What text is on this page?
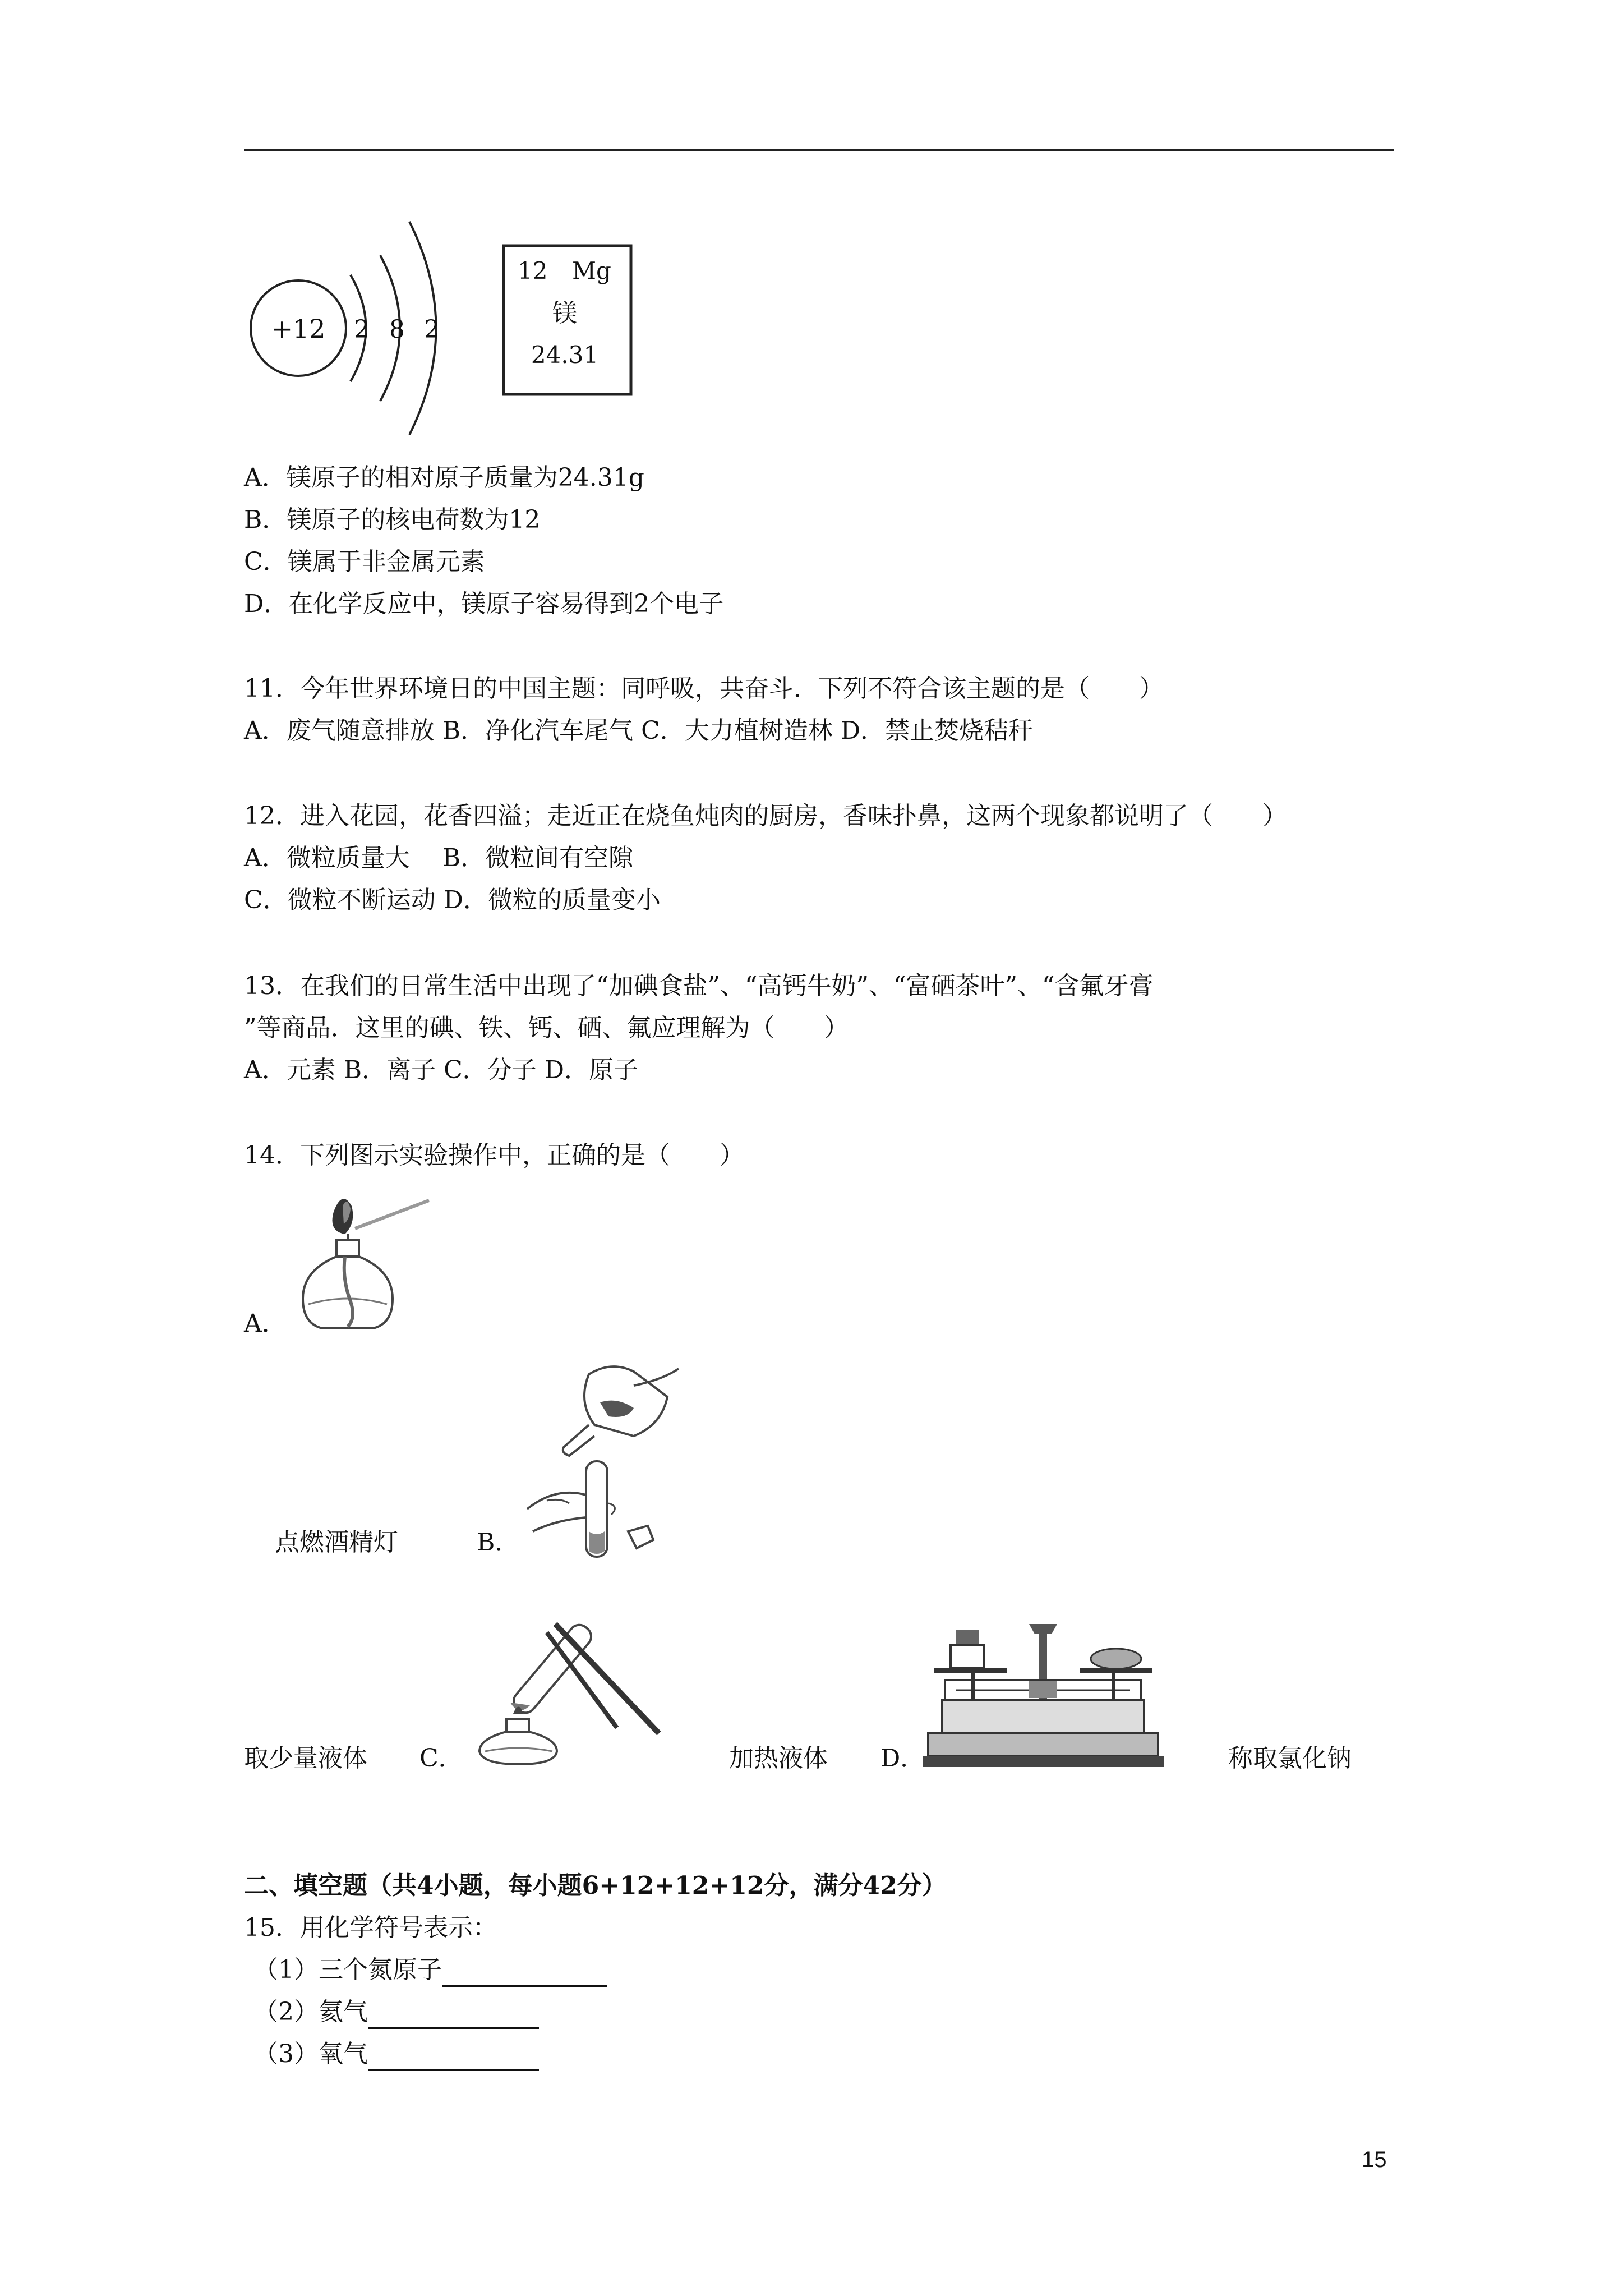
+12 2 8 2
12 Mg
镁
24.31
A．镁原子的相对原子质量为24.31g
B．镁原子的核电荷数为12
C．镁属于非金属元素
D．在化学反应中，镁原子容易得到2个电子
11．今年世界环境日的中国主题：同呼吸，共奋斗．下列不符合该主题的是（　　）
A．废气随意排放 B．净化汽车尾气 C．大力植树造林 D．禁止焚烧秸秆
12．进入花园，花香四溢；走近正在烧鱼炖肉的厨房，香味扑鼻，这两个现象都说明了（　　）
A．微粒质量大　 B．微粒间有空隙
C．微粒不断运动 D．微粒的质量变小
13．在我们的日常生活中出现了“加碘食盐”、“高钙牛奶”、“富硒茶叶”、“含氟牙膏
”等商品．这里的碘、铁、钙、硒、氟应理解为（　　）
A．元素 B．离子 C．分子 D．原子
14．下列图示实验操作中，正确的是（　　）
A．
点燃酒精灯	B．
取少量液体 C．	加热液体 D．	称取氯化钠
二、填空题（共4小题，每小题6+12+12+12分，满分42分）
15．用化学符号表示：
（1）三个氮原子
（2）氦气
（3）氧气
15
